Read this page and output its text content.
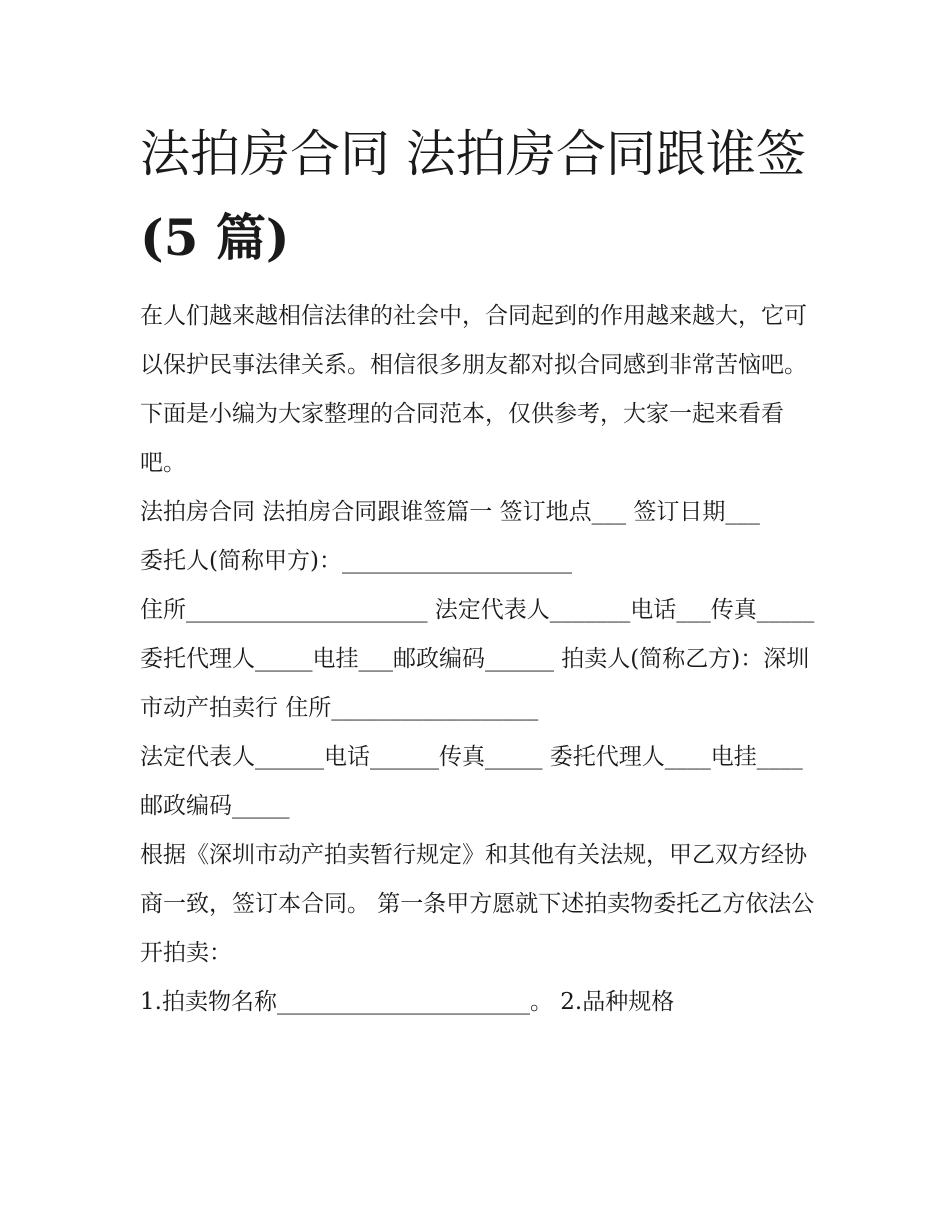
法拍房合同 法拍房合同跟谁签
(5 篇)

在人们越来越相信法律的社会中，合同起到的作用越来越大，它可以保护民事法律关系。相信很多朋友都对拟合同感到非常苦恼吧。下面是小编为大家整理的合同范本，仅供参考，大家一起来看看吧。

法拍房合同 法拍房合同跟谁签篇一 签订地点___ 签订日期___

委托人(简称甲方)：____________________

住所_____________________ 法定代表人_______电话___传真_____

委托代理人_____电挂___邮政编码______ 拍卖人(简称乙方)：深圳市动产拍卖行 住所__________________

法定代表人______电话______传真_____ 委托代理人____电挂____邮政编码_____

根据《深圳市动产拍卖暂行规定》和其他有关法规，甲乙双方经协商一致，签订本合同。 第一条甲方愿就下述拍卖物委托乙方依法公开拍卖：

1.拍卖物名称______________________。 2.品种规格
